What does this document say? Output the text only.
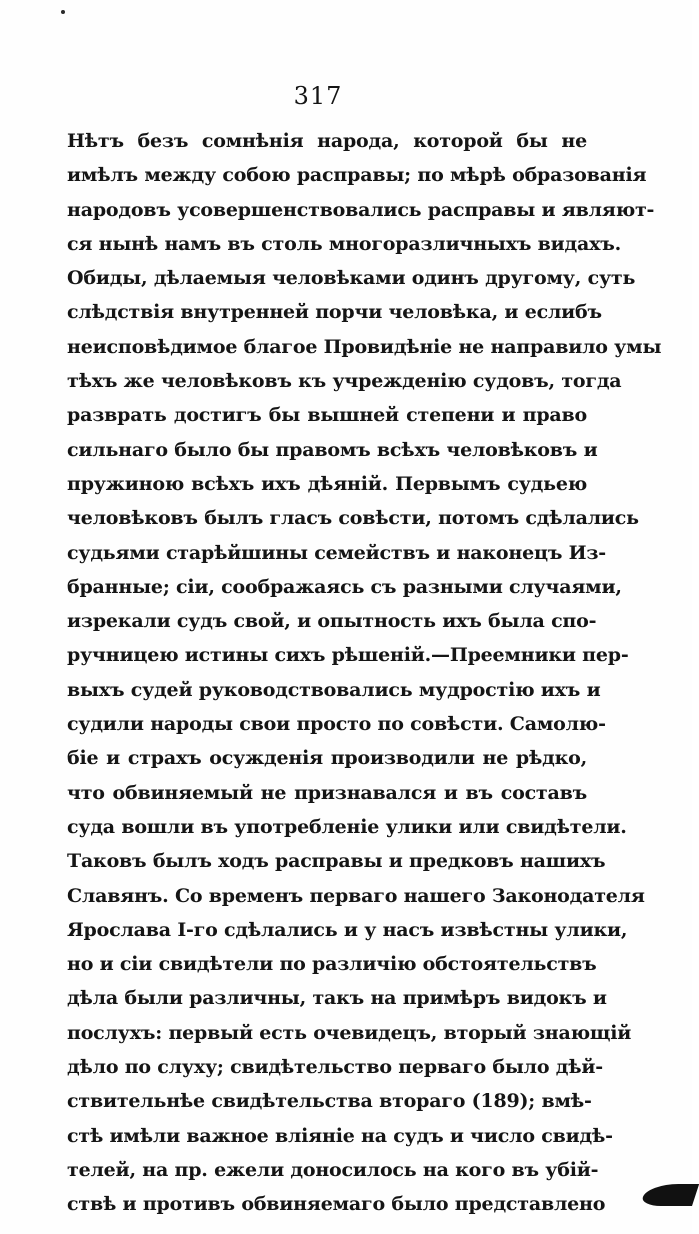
317
Нѣтъ безъ сомнѣнія народа, которой бы не
имѣлъ между собою расправы; по мѣрѣ образованія
народовъ усовершенствовались расправы и являют-
ся нынѣ намъ въ столь многоразличныхъ видахъ.
Обиды, дѣлаемыя человѣками одинъ другому, суть
слѣдствія внутренней порчи человѣка, и еслибъ
неисповѣдимое благое Провидѣніе не направило умы
тѣхъ же человѣковъ къ учрежденію судовъ, тогда
разврать достигъ бы вышней степени и право
сильнаго было бы правомъ всѣхъ человѣковъ и
пружиною всѣхъ ихъ дѣяній. Первымъ судьею
человѣковъ былъ гласъ совѣсти, потомъ сдѣлались
судьями старѣйшины семействъ и наконецъ Из-
бранные; сіи, соображаясь съ разными случаями,
изрекали судъ свой, и опытность ихъ была спо-
ручницею истины сихъ рѣшеній.—Преемники пер-
выхъ судей руководствовались мудростію ихъ и
судили народы свои просто по совѣсти. Самолю-
біе и страхъ осужденія производили не рѣдко,
что обвиняемый не признавался и въ составъ
суда вошли въ употребленіе улики или свидѣтели.
Таковъ былъ ходъ расправы и предковъ нашихъ
Славянъ. Со временъ перваго нашего Законодателя
Ярослава I-го сдѣлались и у насъ извѣстны улики,
но и сіи свидѣтели по различію обстоятельствъ
дѣла были различны, такъ на примѣръ видокъ и
послухъ: первый есть очевидецъ, вторый знающій
дѣло по слуху; свидѣтельство перваго было дѣй-
ствительнѣе свидѣтельства втораго (189); вмѣ-
стѣ имѣли важное вліяніе на судъ и число свидѣ-
телей, на пр. ежели доносилось на кого въ убій-
ствѣ и противъ обвиняемаго было представлено
